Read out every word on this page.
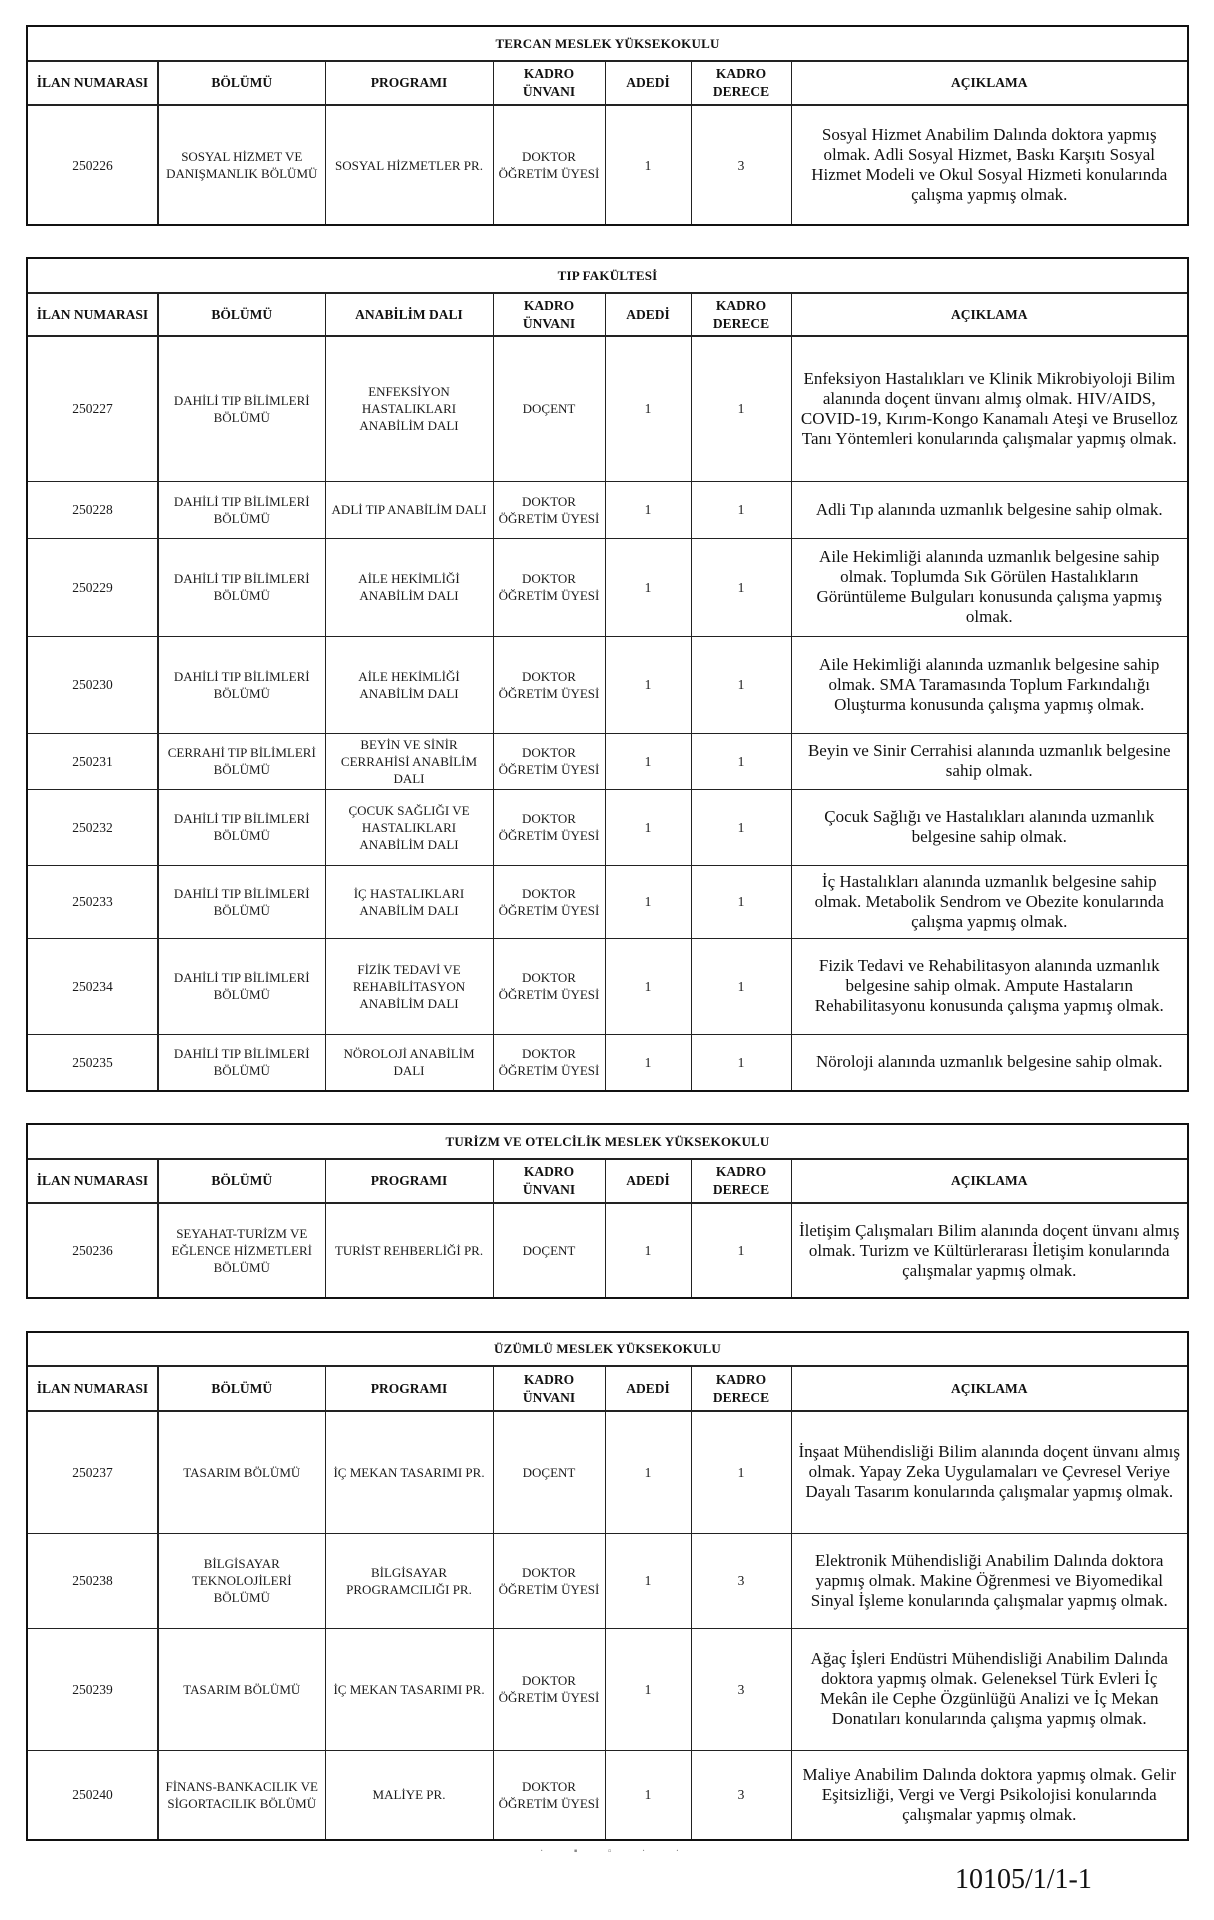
TERCAN MESLEK YÜKSEKOKULU						
İLAN NUMARASI	BÖLÜMÜ	PROGRAMI	KADRO ÜNVANI	ADEDİ	KADRO DERECE	AÇIKLAMA
250226	SOSYAL HİZMET VE DANIŞMANLIK BÖLÜMÜ	SOSYAL HİZMETLER PR.	DOKTOR ÖĞRETİM ÜYESİ	1	3	Sosyal Hizmet Anabilim Dalında doktora yapmış olmak. Adli Sosyal Hizmet, Baskı Karşıtı Sosyal Hizmet Modeli ve Okul Sosyal Hizmeti konularında çalışma yapmış olmak.
TIP FAKÜLTESİ						
İLAN NUMARASI	BÖLÜMÜ	ANABİLİM DALI	KADRO ÜNVANI	ADEDİ	KADRO DERECE	AÇIKLAMA
250227	DAHİLİ TIP BİLİMLERİ BÖLÜMÜ	ENFEKSİYON HASTALIKLARI ANABİLİM DALI	DOÇENT	1	1	Enfeksiyon Hastalıkları ve Klinik Mikrobiyoloji Bilim alanında doçent ünvanı almış olmak. HIV/AIDS, COVID-19, Kırım-Kongo Kanamalı Ateşi ve Bruselloz Tanı Yöntemleri konularında çalışmalar yapmış olmak.
250228	DAHİLİ TIP BİLİMLERİ BÖLÜMÜ	ADLİ TIP ANABİLİM DALI	DOKTOR ÖĞRETİM ÜYESİ	1	1	Adli Tıp alanında uzmanlık belgesine sahip olmak.
250229	DAHİLİ TIP BİLİMLERİ BÖLÜMÜ	AİLE HEKİMLİĞİ ANABİLİM DALI	DOKTOR ÖĞRETİM ÜYESİ	1	1	Aile Hekimliği alanında uzmanlık belgesine sahip olmak. Toplumda Sık Görülen Hastalıkların Görüntüleme Bulguları konusunda çalışma yapmış olmak.
250230	DAHİLİ TIP BİLİMLERİ BÖLÜMÜ	AİLE HEKİMLİĞİ ANABİLİM DALI	DOKTOR ÖĞRETİM ÜYESİ	1	1	Aile Hekimliği alanında uzmanlık belgesine sahip olmak. SMA Taramasında Toplum Farkındalığı Oluşturma konusunda çalışma yapmış olmak.
250231	CERRAHİ TIP BİLİMLERİ BÖLÜMÜ	BEYİN VE SİNİR CERRAHİSİ ANABİLİM DALI	DOKTOR ÖĞRETİM ÜYESİ	1	1	Beyin ve Sinir Cerrahisi alanında uzmanlık belgesine sahip olmak.
250232	DAHİLİ TIP BİLİMLERİ BÖLÜMÜ	ÇOCUK SAĞLIĞI VE HASTALIKLARI ANABİLİM DALI	DOKTOR ÖĞRETİM ÜYESİ	1	1	Çocuk Sağlığı ve Hastalıkları alanında uzmanlık belgesine sahip olmak.
250233	DAHİLİ TIP BİLİMLERİ BÖLÜMÜ	İÇ HASTALIKLARI ANABİLİM DALI	DOKTOR ÖĞRETİM ÜYESİ	1	1	İç Hastalıkları alanında uzmanlık belgesine sahip olmak. Metabolik Sendrom ve Obezite konularında çalışma yapmış olmak.
250234	DAHİLİ TIP BİLİMLERİ BÖLÜMÜ	FİZİK TEDAVİ VE REHABİLİTASYON ANABİLİM DALI	DOKTOR ÖĞRETİM ÜYESİ	1	1	Fizik Tedavi ve Rehabilitasyon alanında uzmanlık belgesine sahip olmak. Ampute Hastaların Rehabilitasyonu konusunda çalışma yapmış olmak.
250235	DAHİLİ TIP BİLİMLERİ BÖLÜMÜ	NÖROLOJİ ANABİLİM DALI	DOKTOR ÖĞRETİM ÜYESİ	1	1	Nöroloji alanında uzmanlık belgesine sahip olmak.
TURİZM VE OTELCİLİK MESLEK YÜKSEKOKULU						
İLAN NUMARASI	BÖLÜMÜ	PROGRAMI	KADRO ÜNVANI	ADEDİ	KADRO DERECE	AÇIKLAMA
250236	SEYAHAT-TURİZM VE EĞLENCE HİZMETLERİ BÖLÜMÜ	TURİST REHBERLİĞİ PR.	DOÇENT	1	1	İletişim Çalışmaları Bilim alanında doçent ünvanı almış olmak. Turizm ve Kültürlerarası İletişim konularında çalışmalar yapmış olmak.
ÜZÜMLÜ MESLEK YÜKSEKOKULU						
İLAN NUMARASI	BÖLÜMÜ	PROGRAMI	KADRO ÜNVANI	ADEDİ	KADRO DERECE	AÇIKLAMA
250237	TASARIM BÖLÜMÜ	İÇ MEKAN TASARIMI PR.	DOÇENT	1	1	İnşaat Mühendisliği Bilim alanında doçent ünvanı almış olmak. Yapay Zeka Uygulamaları ve Çevresel Veriye Dayalı Tasarım konularında çalışmalar yapmış olmak.
250238	BİLGİSAYAR TEKNOLOJİLERİ BÖLÜMÜ	BİLGİSAYAR PROGRAMCILIĞI PR.	DOKTOR ÖĞRETİM ÜYESİ	1	3	Elektronik Mühendisliği Anabilim Dalında doktora yapmış olmak. Makine Öğrenmesi ve Biyomedikal Sinyal İşleme konularında çalışmalar yapmış olmak.
250239	TASARIM BÖLÜMÜ	İÇ MEKAN TASARIMI PR.	DOKTOR ÖĞRETİM ÜYESİ	1	3	Ağaç İşleri Endüstri Mühendisliği Anabilim Dalında doktora yapmış olmak. Geleneksel Türk Evleri İç Mekân ile Cephe Özgünlüğü Analizi ve İç Mekan Donatıları konularında çalışma yapmış olmak.
250240	FİNANS-BANKACILIK VE SİGORTACILIK BÖLÜMÜ	MALİYE PR.	DOKTOR ÖĞRETİM ÜYESİ	1	3	Maliye Anabilim Dalında doktora yapmış olmak. Gelir Eşitsizliği, Vergi ve Vergi Psikolojisi konularında çalışmalar yapmış olmak.
· ▪ ▫ · ·
10105/1/1-1
